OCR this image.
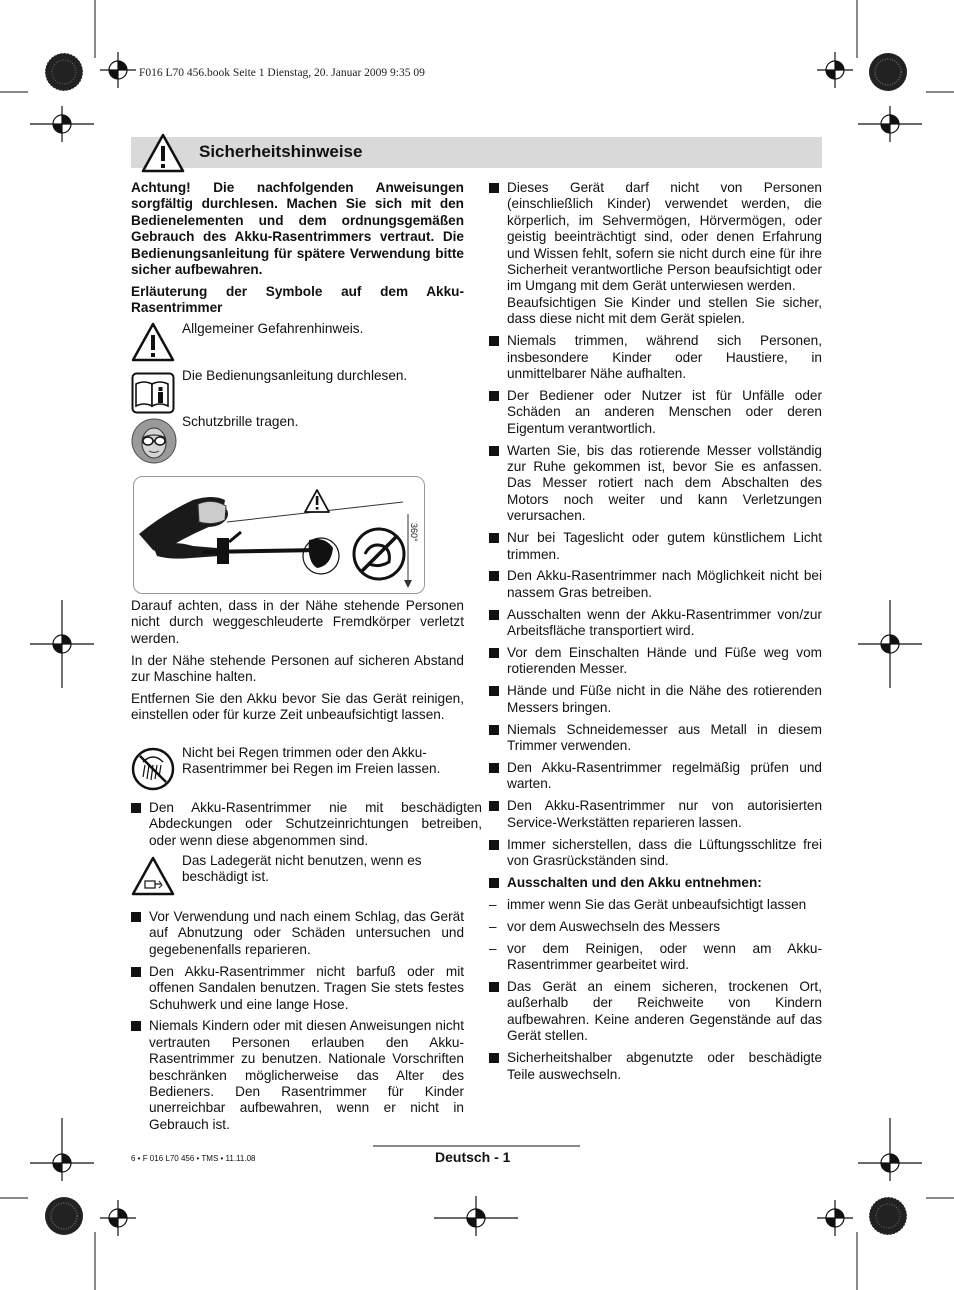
F016 L70 456.book Seite 1 Dienstag, 20. Januar 2009 9:35 09
Sicherheitshinweise
Achtung! Die nachfolgenden Anweisungen sorgfältig durchlesen. Machen Sie sich mit den Bedienelementen und dem ordnungsgemäßen Gebrauch des Akku-Rasentrimmers vertraut. Die Bedienungsanleitung für spätere Verwendung bitte sicher aufbewahren.
Erläuterung der Symbole auf dem Akku-Rasentrimmer
Allgemeiner Gefahrenhinweis.
Die Bedienungsanleitung durchlesen.
Schutzbrille tragen.
360°

Darauf achten, dass in der Nähe stehende Personen nicht durch weggeschleuderte Fremdkörper verletzt werden.

In der Nähe stehende Personen auf sicheren Abstand zur Maschine halten.

Entfernen Sie den Akku bevor Sie das Gerät reinigen, einstellen oder für kurze Zeit unbeaufsichtigt lassen.

Nicht bei Regen trimmen oder den Akku-Rasentrimmer bei Regen im Freien lassen.
Den Akku-Rasentrimmer nie mit beschädigten Abdeckungen oder Schutzeinrichtungen betreiben, oder wenn diese abgenommen sind.
Das Ladegerät nicht benutzen, wenn es beschädigt ist.
Vor Verwendung und nach einem Schlag, das Gerät auf Abnutzung oder Schäden untersuchen und gegebenenfalls reparieren.
Den Akku-Rasentrimmer nicht barfuß oder mit offenen Sandalen benutzen. Tragen Sie stets festes Schuhwerk und eine lange Hose.
Niemals Kindern oder mit diesen Anweisungen nicht vertrauten Personen erlauben den Akku-Rasentrimmer zu benutzen. Nationale Vorschriften beschränken möglicherweise das Alter des Bedieners. Den Rasentrimmer für Kinder unerreichbar aufbewahren, wenn er nicht in Gebrauch ist.
Dieses Gerät darf nicht von Personen (einschließlich Kinder) verwendet werden, die körperlich, im Sehvermögen, Hörvermögen, oder geistig beeinträchtigt sind, oder denen Erfahrung und Wissen fehlt, sofern sie nicht durch eine für ihre Sicherheit verantwortliche Person beaufsichtigt oder im Umgang mit dem Gerät unterwiesen werden.
Beaufsichtigen Sie Kinder und stellen Sie sicher, dass diese nicht mit dem Gerät spielen.
Niemals trimmen, während sich Personen, insbesondere Kinder oder Haustiere, in unmittelbarer Nähe aufhalten.
Der Bediener oder Nutzer ist für Unfälle oder Schäden an anderen Menschen oder deren Eigentum verantwortlich.
Warten Sie, bis das rotierende Messer vollständig zur Ruhe gekommen ist, bevor Sie es anfassen. Das Messer rotiert nach dem Abschalten des Motors noch weiter und kann Verletzungen verursachen.
Nur bei Tageslicht oder gutem künstlichem Licht trimmen.
Den Akku-Rasentrimmer nach Möglichkeit nicht bei nassem Gras betreiben.
Ausschalten wenn der Akku-Rasentrimmer von/zur Arbeitsfläche transportiert wird.
Vor dem Einschalten Hände und Füße weg vom rotierenden Messer.
Hände und Füße nicht in die Nähe des rotierenden Messers bringen.
Niemals Schneidemesser aus Metall in diesem Trimmer verwenden.
Den Akku-Rasentrimmer regelmäßig prüfen und warten.
Den Akku-Rasentrimmer nur von autorisierten Service-Werkstätten reparieren lassen.
Immer sicherstellen, dass die Lüftungsschlitze frei von Grasrückständen sind.
Ausschalten und den Akku entnehmen:
– immer wenn Sie das Gerät unbeaufsichtigt lassen
– vor dem Auswechseln des Messers
– vor dem Reinigen, oder wenn am Akku-Rasentrimmer gearbeitet wird.
Das Gerät an einem sicheren, trockenen Ort, außerhalb der Reichweite von Kindern aufbewahren. Keine anderen Gegenstände auf das Gerät stellen.
Sicherheitshalber abgenutzte oder beschädigte Teile auswechseln.
6 • F 016 L70 456 • TMS • 11.11.08	Deutsch - 1
